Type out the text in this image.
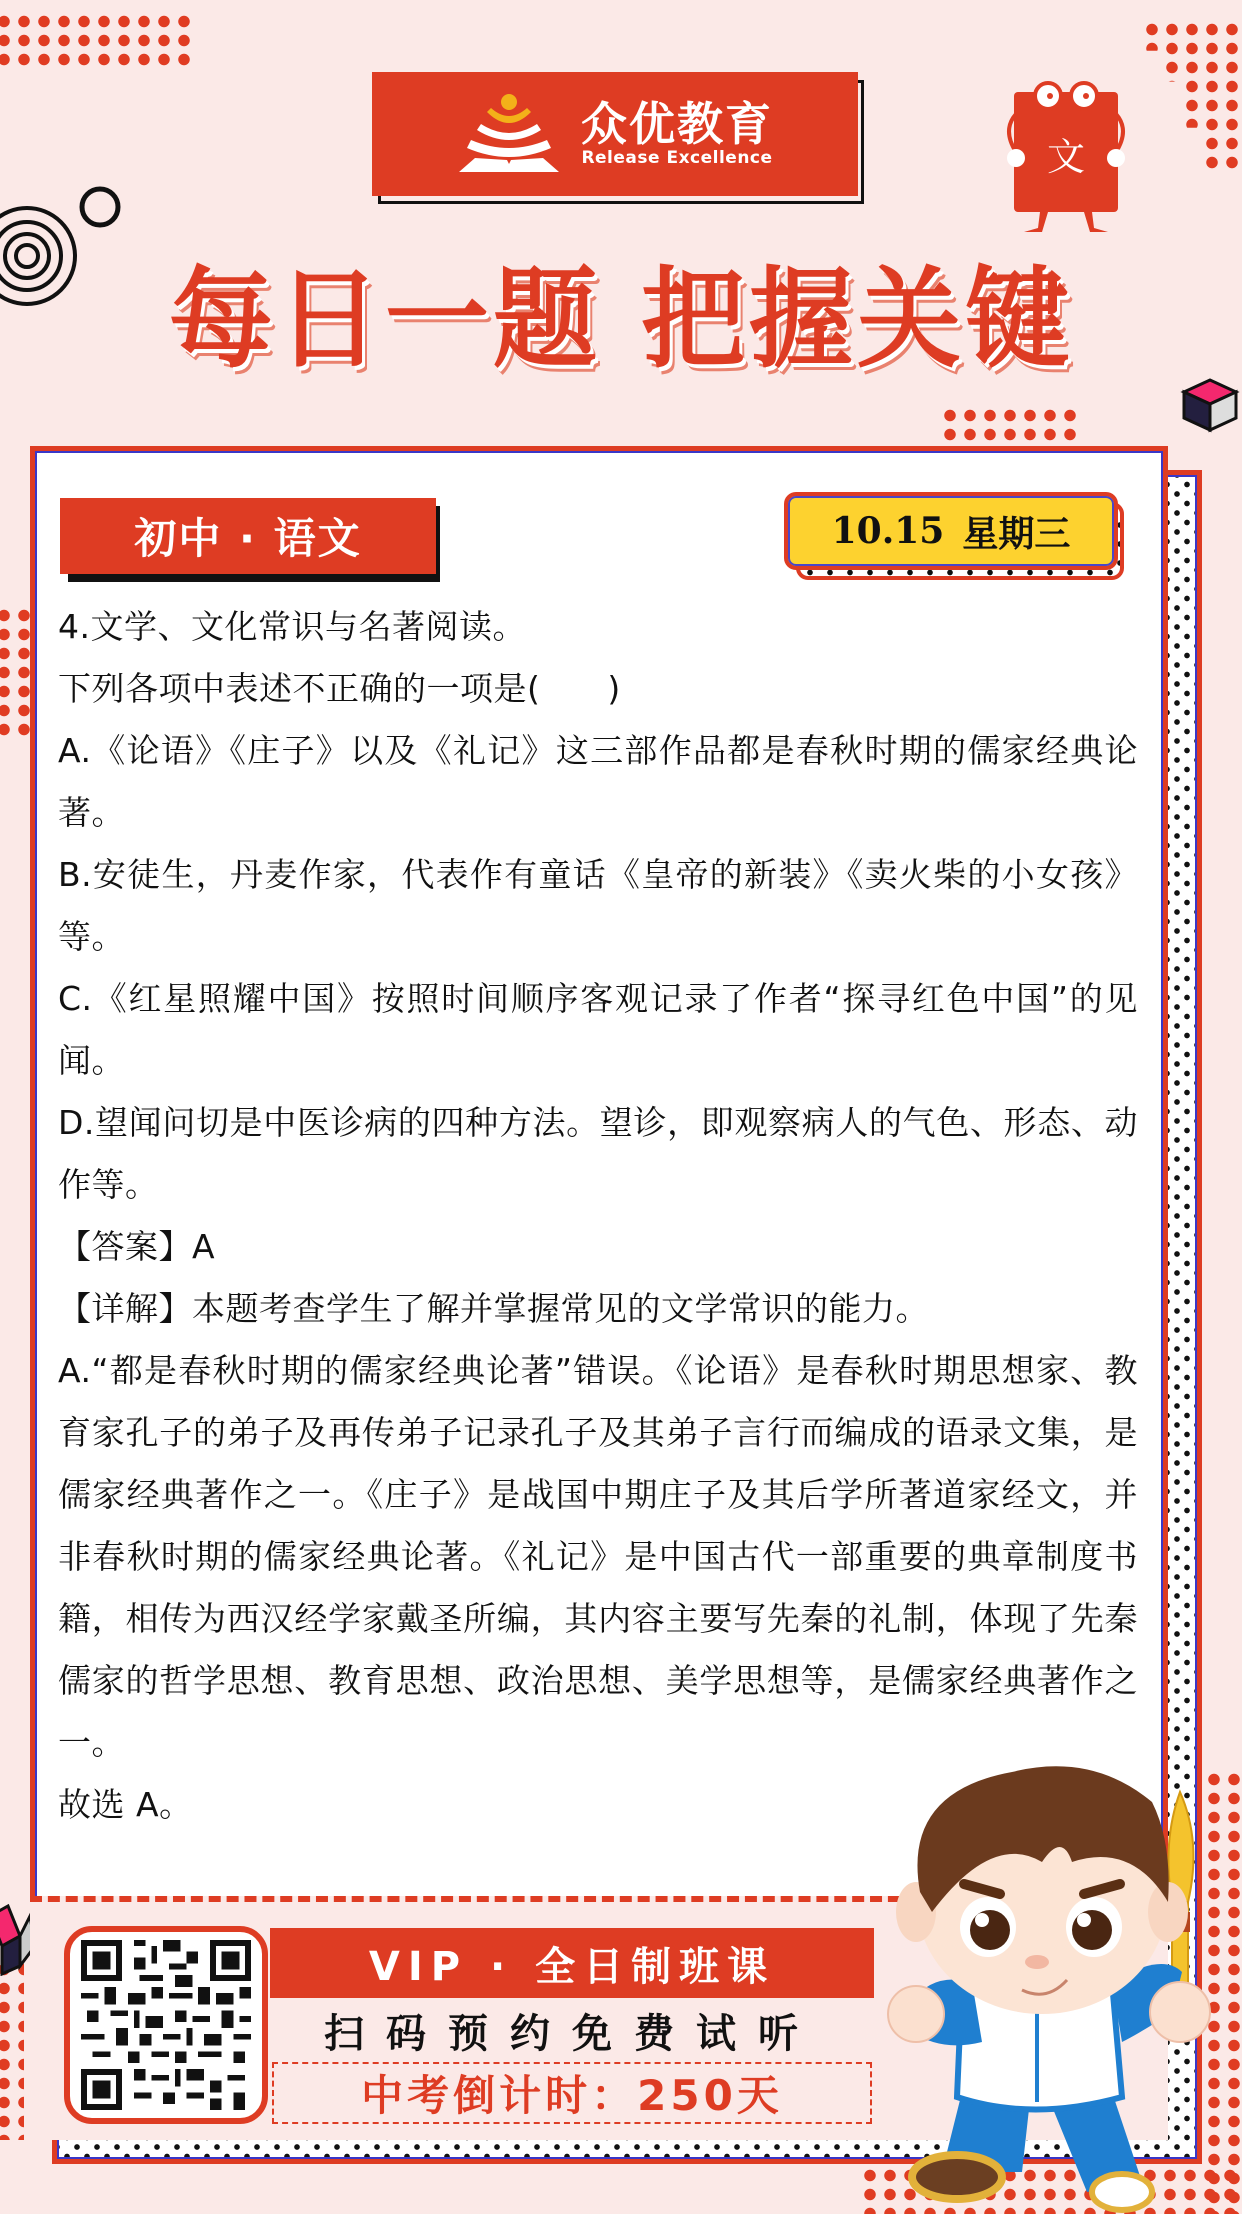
众优教育
Release Excellence	文
每日一题 把握关键
初中 · 语文	10.15 星期三

4.文学、文化常识与名著阅读。

下列各项中表述不正确的一项是(　　)

A.《论语》《庄子》以及《礼记》这三部作品都是春秋时期的儒家经典论著。

B.安徒生，丹麦作家，代表作有童话《皇帝的新装》《卖火柴的小女孩》等。

C.《红星照耀中国》按照时间顺序客观记录了作者“探寻红色中国”的见闻。

D.望闻问切是中医诊病的四种方法。望诊，即观察病人的气色、形态、动作等。

【答案】A

【详解】本题考查学生了解并掌握常见的文学常识的能力。

A.“都是春秋时期的儒家经典论著”错误。《论语》是春秋时期思想家、教育家孔子的弟子及再传弟子记录孔子及其弟子言行而编成的语录文集，是儒家经典著作之一。《庄子》是战国中期庄子及其后学所著道家经文，并非春秋时期的儒家经典论著。《礼记》是中国古代一部重要的典章制度书籍，相传为西汉经学家戴圣所编，其内容主要写先秦的礼制，体现了先秦儒家的哲学思想、教育思想、政治思想、美学思想等，是儒家经典著作之一。

故选 A。

VIP · 全日制班课
扫码预约免费试听
中考倒计时： 250天
